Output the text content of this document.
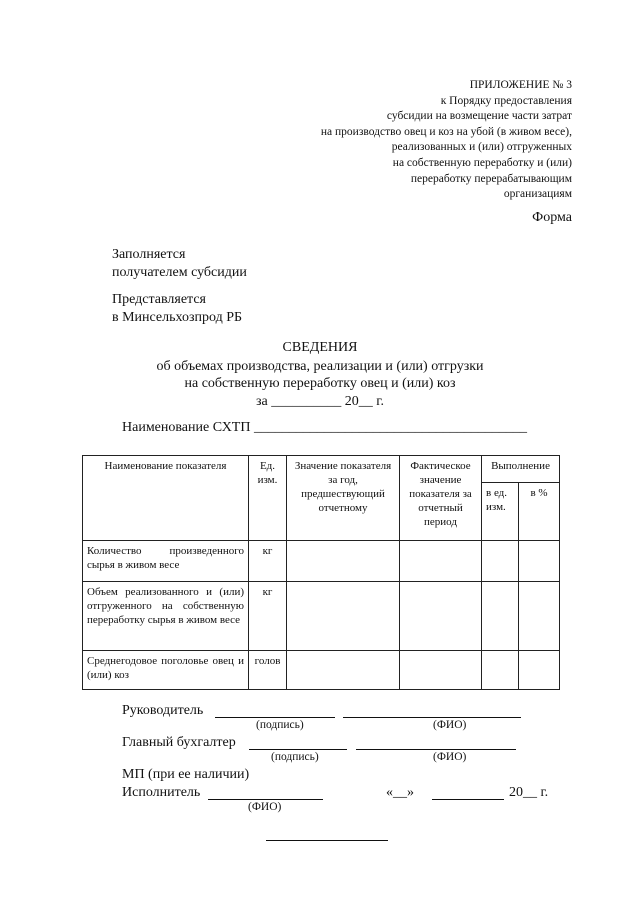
ПРИЛОЖЕНИЕ № 3
к Порядку предоставления
субсидии на возмещение части затрат
на производство овец и коз на убой (в живом весе),
реализованных и (или) отгруженных
на собственную переработку и (или)
переработку перерабатывающим
организациям
Форма
Заполняется
получателем субсидии
Представляется
в Минсельхозпрод РБ
СВЕДЕНИЯ
об объемах производства, реализации и (или) отгрузки
на собственную переработку овец и (или) коз
за __________ 20__ г.
Наименование СХТП _______________________________________
Наименование показателя	Ед. изм.	Значение показателя за год, предшествующий отчетному	Фактическое значение показателя за отчетный период	Выполнение	
				в ед. изм.	в %
Количество произведенного сырья в живом весе	кг				
Объем реализованного и (или) отгруженного на собственную переработку сырья в живом весе	кг				
Среднегодовое поголовье овец и (или) коз	голов				
Руководитель
(подпись)	(ФИО)
Главный бухгалтер
(подпись)	(ФИО)
МП (при ее наличии)
Исполнитель
(ФИО)
«__»	20__ г.
